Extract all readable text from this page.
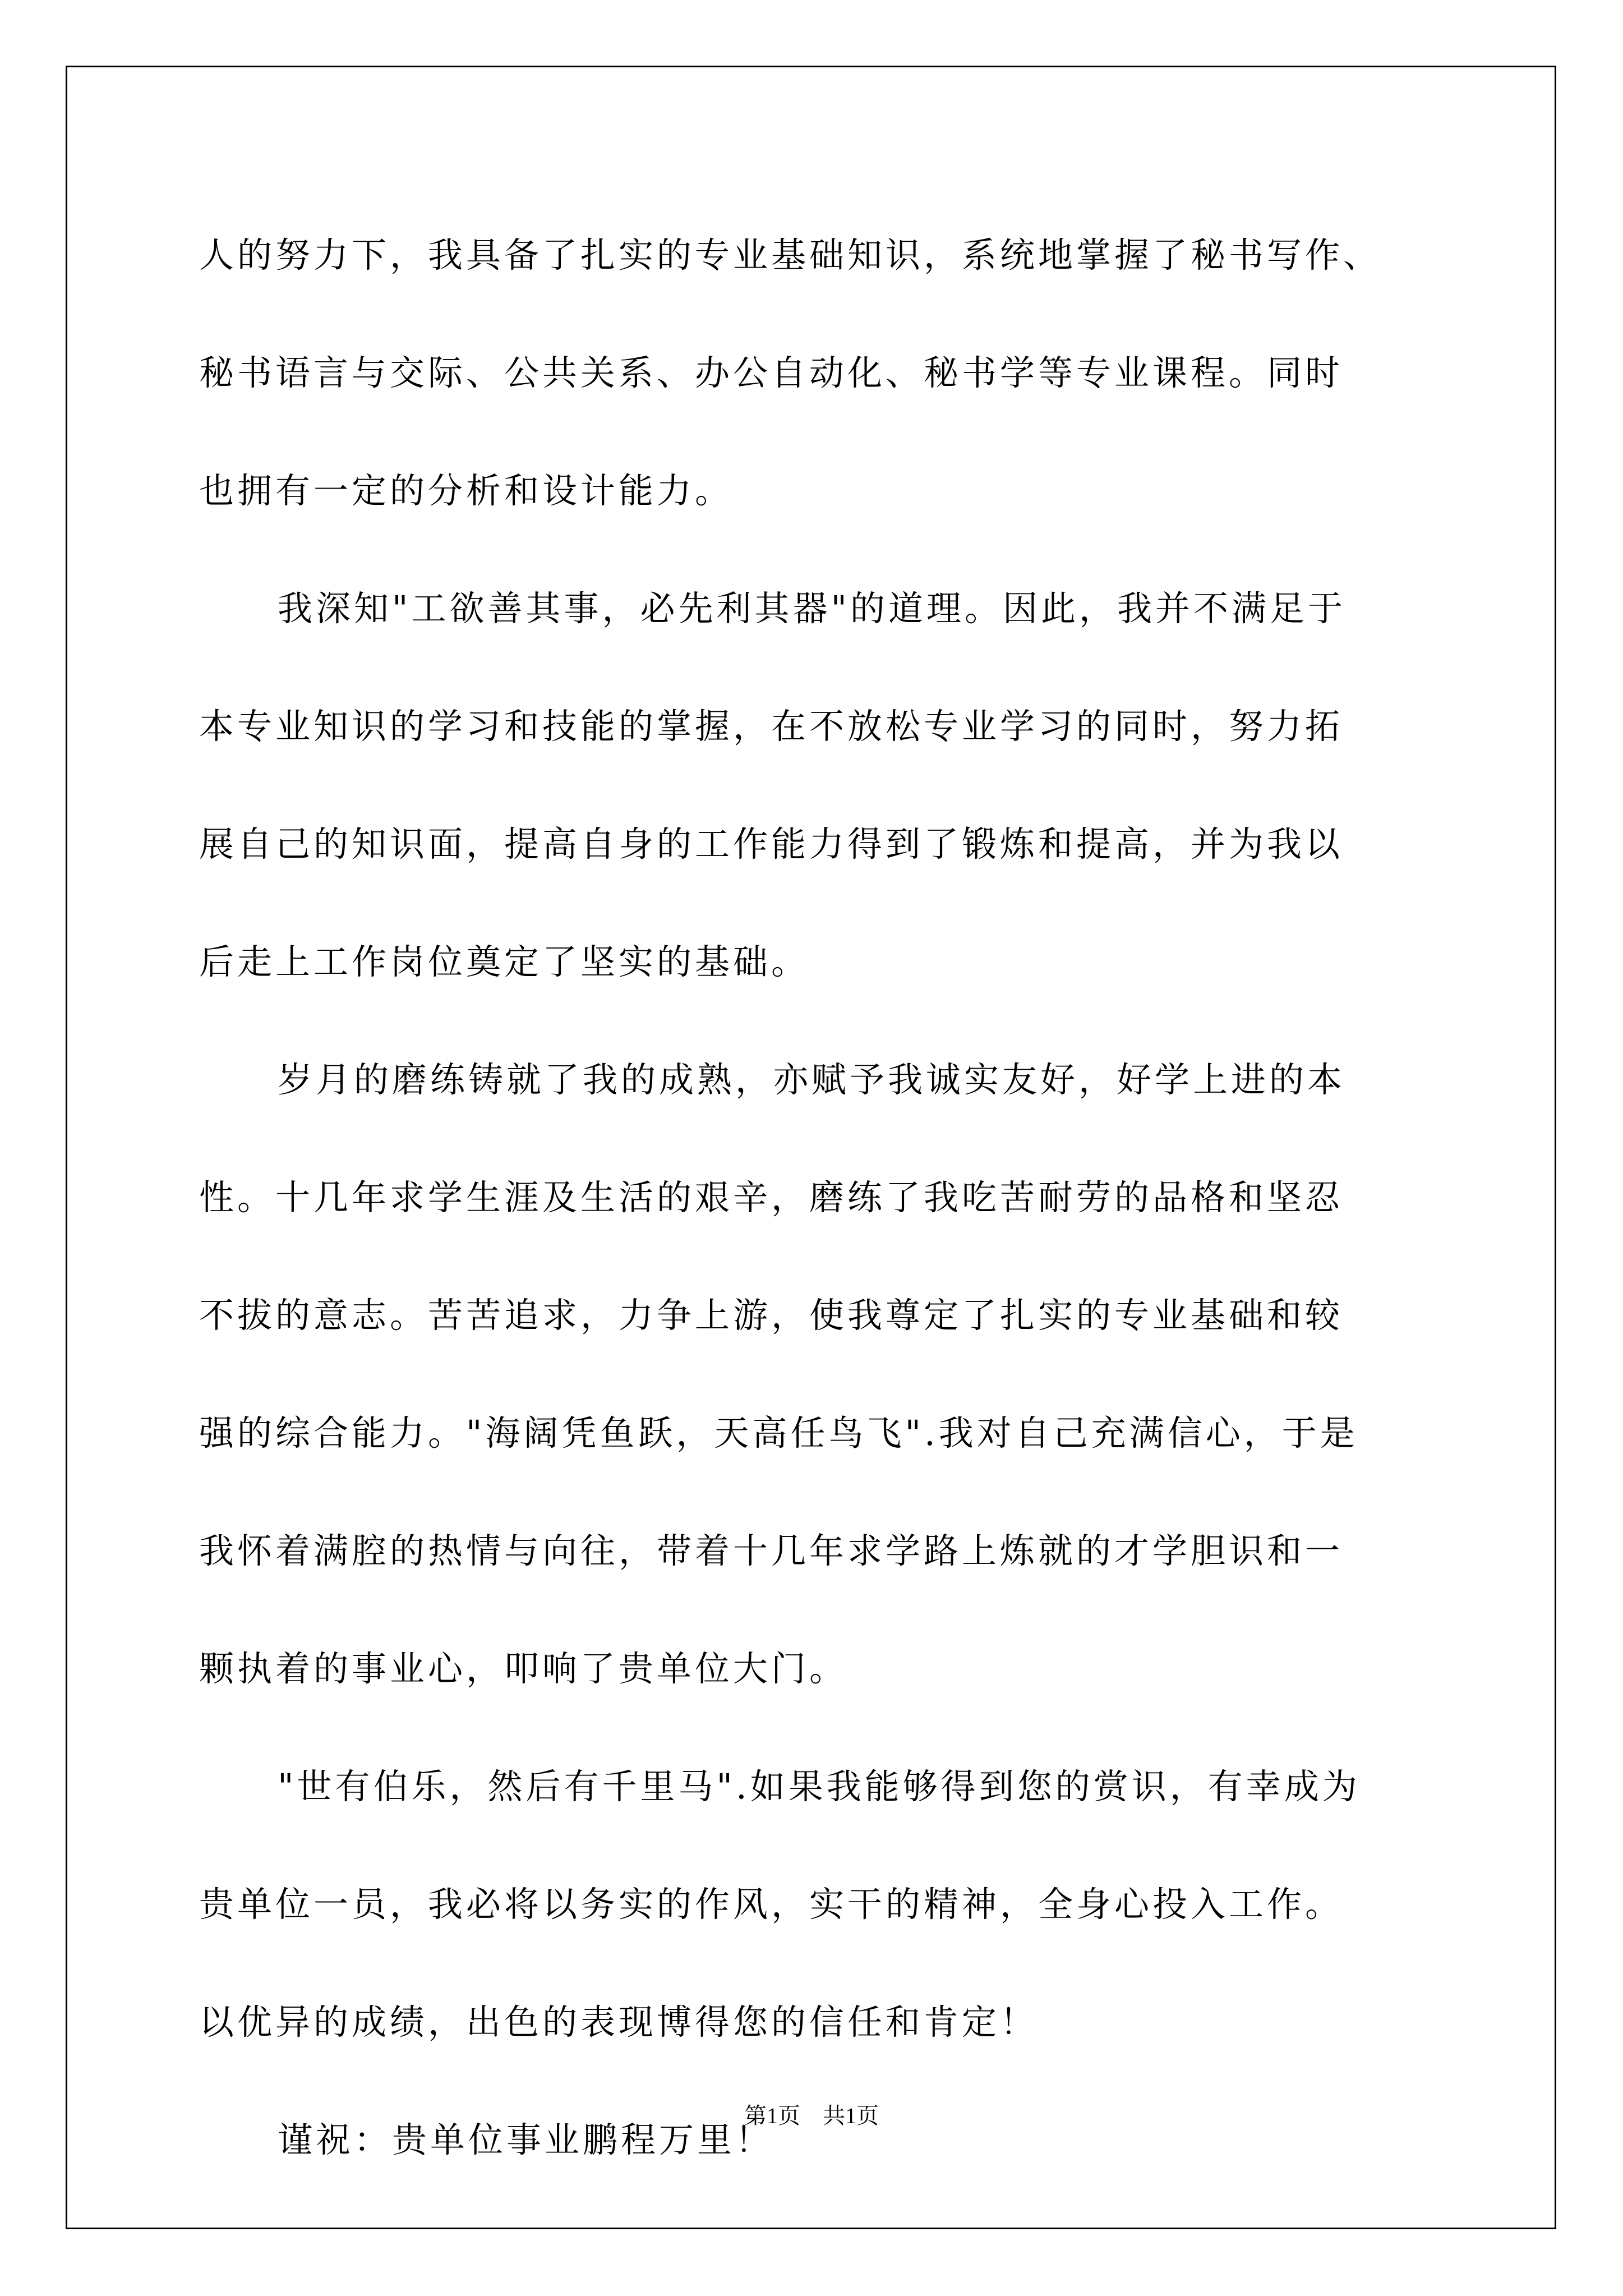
人的努力下，我具备了扎实的专业基础知识，系统地掌握了秘书写作、
秘书语言与交际、公共关系、办公自动化、秘书学等专业课程。同时
也拥有一定的分析和设计能力。
我深知"工欲善其事，必先利其器"的道理。因此，我并不满足于
本专业知识的学习和技能的掌握，在不放松专业学习的同时，努力拓
展自己的知识面，提高自身的工作能力得到了锻炼和提高，并为我以
后走上工作岗位奠定了坚实的基础。
岁月的磨练铸就了我的成熟，亦赋予我诚实友好，好学上进的本
性。十几年求学生涯及生活的艰辛，磨练了我吃苦耐劳的品格和坚忍
不拔的意志。苦苦追求，力争上游，使我尊定了扎实的专业基础和较
强的综合能力。"海阔凭鱼跃，天高任鸟飞".我对自己充满信心，于是
我怀着满腔的热情与向往，带着十几年求学路上炼就的才学胆识和一
颗执着的事业心，叩响了贵单位大门。
"世有伯乐，然后有千里马".如果我能够得到您的赏识，有幸成为
贵单位一员，我必将以务实的作风，实干的精神，全身心投入工作。
以优异的成绩，出色的表现博得您的信任和肯定！
谨祝：贵单位事业鹏程万里！
第1页　共1页
